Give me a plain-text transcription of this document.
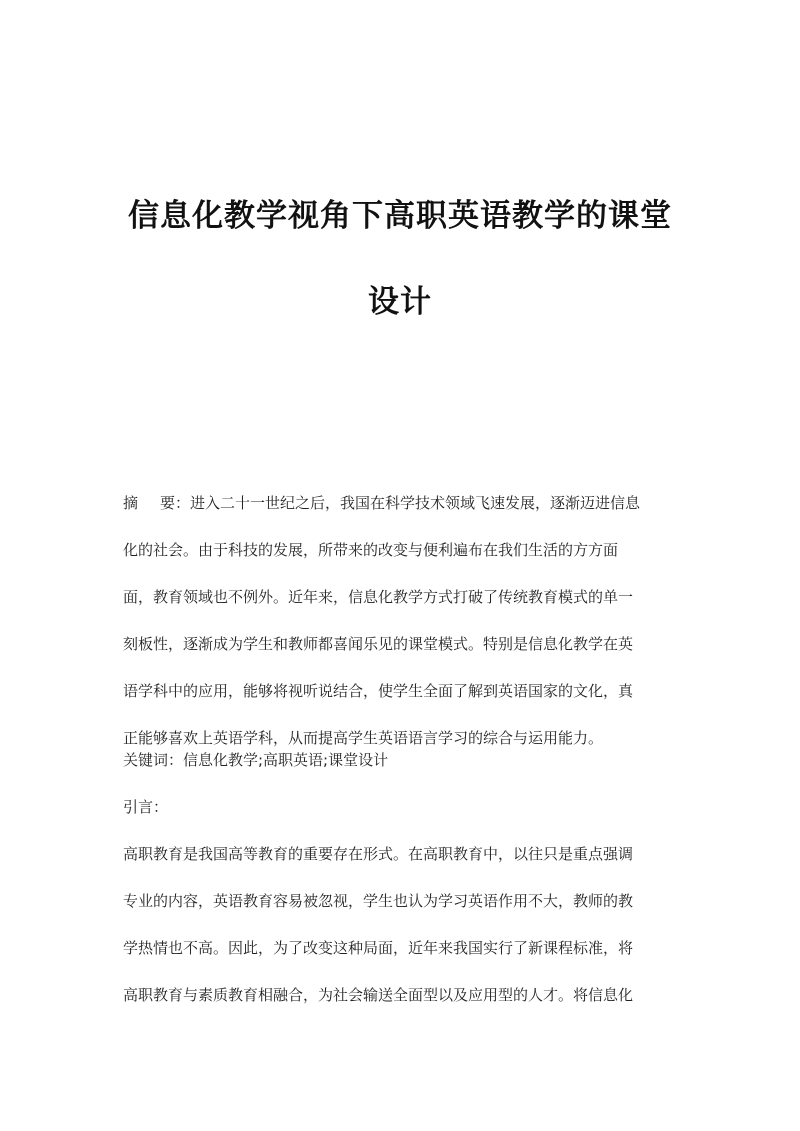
信息化教学视角下高职英语教学的课堂
设计
摘 要：进入二十一世纪之后，我国在科学技术领域飞速发展，逐渐迈进信息
化的社会。由于科技的发展，所带来的改变与便利遍布在我们生活的方方面
面，教育领域也不例外。近年来，信息化教学方式打破了传统教育模式的单一
刻板性，逐渐成为学生和教师都喜闻乐见的课堂模式。特别是信息化教学在英
语学科中的应用，能够将视听说结合，使学生全面了解到英语国家的文化，真
正能够喜欢上英语学科，从而提高学生英语语言学习的综合与运用能力。
关键词：信息化教学;高职英语;课堂设计
引言：
高职教育是我国高等教育的重要存在形式。在高职教育中，以往只是重点强调
专业的内容，英语教育容易被忽视，学生也认为学习英语作用不大，教师的教
学热情也不高。因此，为了改变这种局面，近年来我国实行了新课程标准，将
高职教育与素质教育相融合，为社会输送全面型以及应用型的人才。将信息化
